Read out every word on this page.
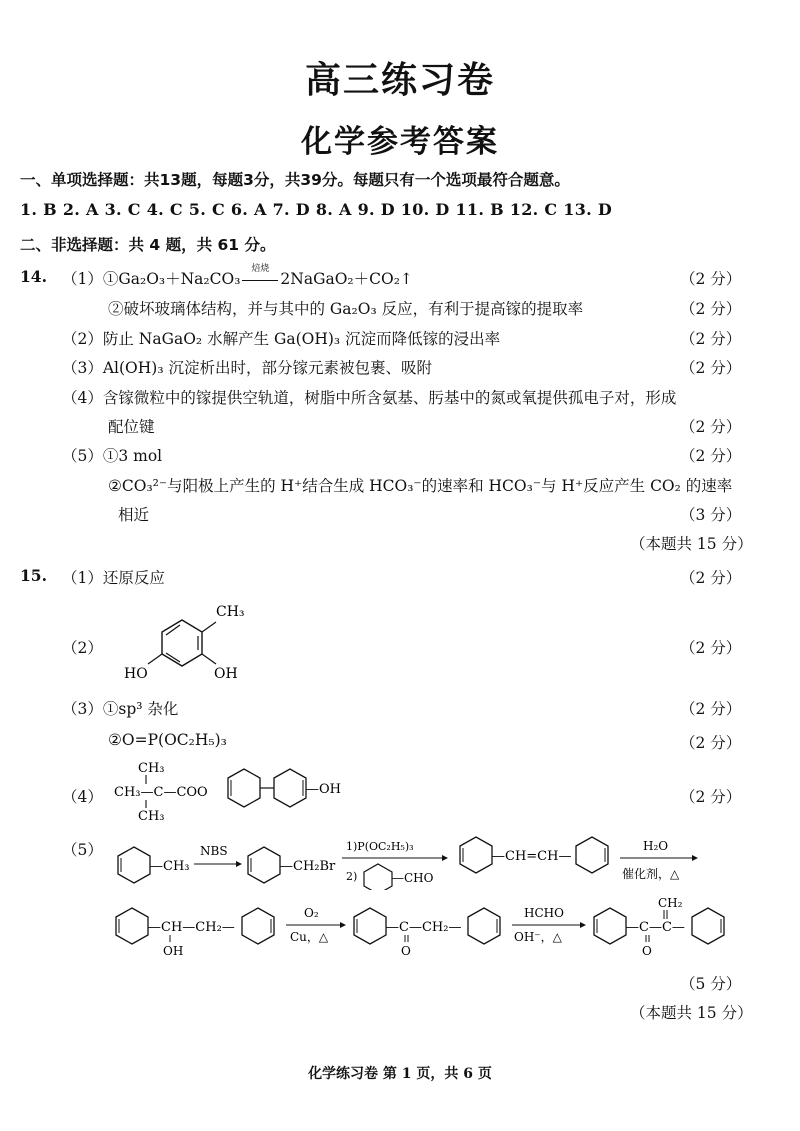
高三练习卷
化学参考答案
一、单项选择题：共13题，每题3分，共39分。每题只有一个选项最符合题意。
1. B 2. A 3. C 4. C 5. C 6. A 7. D 8. A 9. D 10. D 11. B 12. C 13. D
二、非选择题：共 4 题，共 61 分。
14. （1）①Ga₂O₃＋Na₂CO₃
焙烧
2NaGaO₂＋CO₂↑	（2 分）
②破坏玻璃体结构，并与其中的 Ga₂O₃ 反应，有利于提高镓的提取率	（2 分）
（2）防止 NaGaO₂ 水解产生 Ga(OH)₃ 沉淀而降低镓的浸出率	（2 分）
（3）Al(OH)₃ 沉淀析出时，部分镓元素被包裹、吸附	（2 分）
（4）含镓微粒中的镓提供空轨道，树脂中所含氨基、肟基中的氮或氧提供孤电子对，形成
配位键	（2 分）
（5）①3 mol	（2 分）
②CO₃²⁻与阳极上产生的 H⁺结合生成 HCO₃⁻的速率和 HCO₃⁻与 H⁺反应产生 CO₂ 的速率
相近	（3 分）
（本题共 15 分）
15. （1）还原反应	（2 分）
（2）
CH₃
HO	OH
（2 分）
（3）①sp³ 杂化	（2 分）
②O=P(OC₂H₅)₃	（2 分）
（4）
CH₃
CH₃—C—COO
CH₃
—OH	（2 分）
（5）
—CH₃
NBS
—CH₂Br
1)P(OC₂H₅)₃
2)	—CHO
—CH=CH—
H₂O
催化剂，△
—CH—CH₂—
OH
O₂
Cu，△
—C—CH₂—
O
HCHO
OH⁻，△
—C—C—
O
CH₂
（5 分）
（本题共 15 分）
化学练习卷 第 1 页，共 6 页
